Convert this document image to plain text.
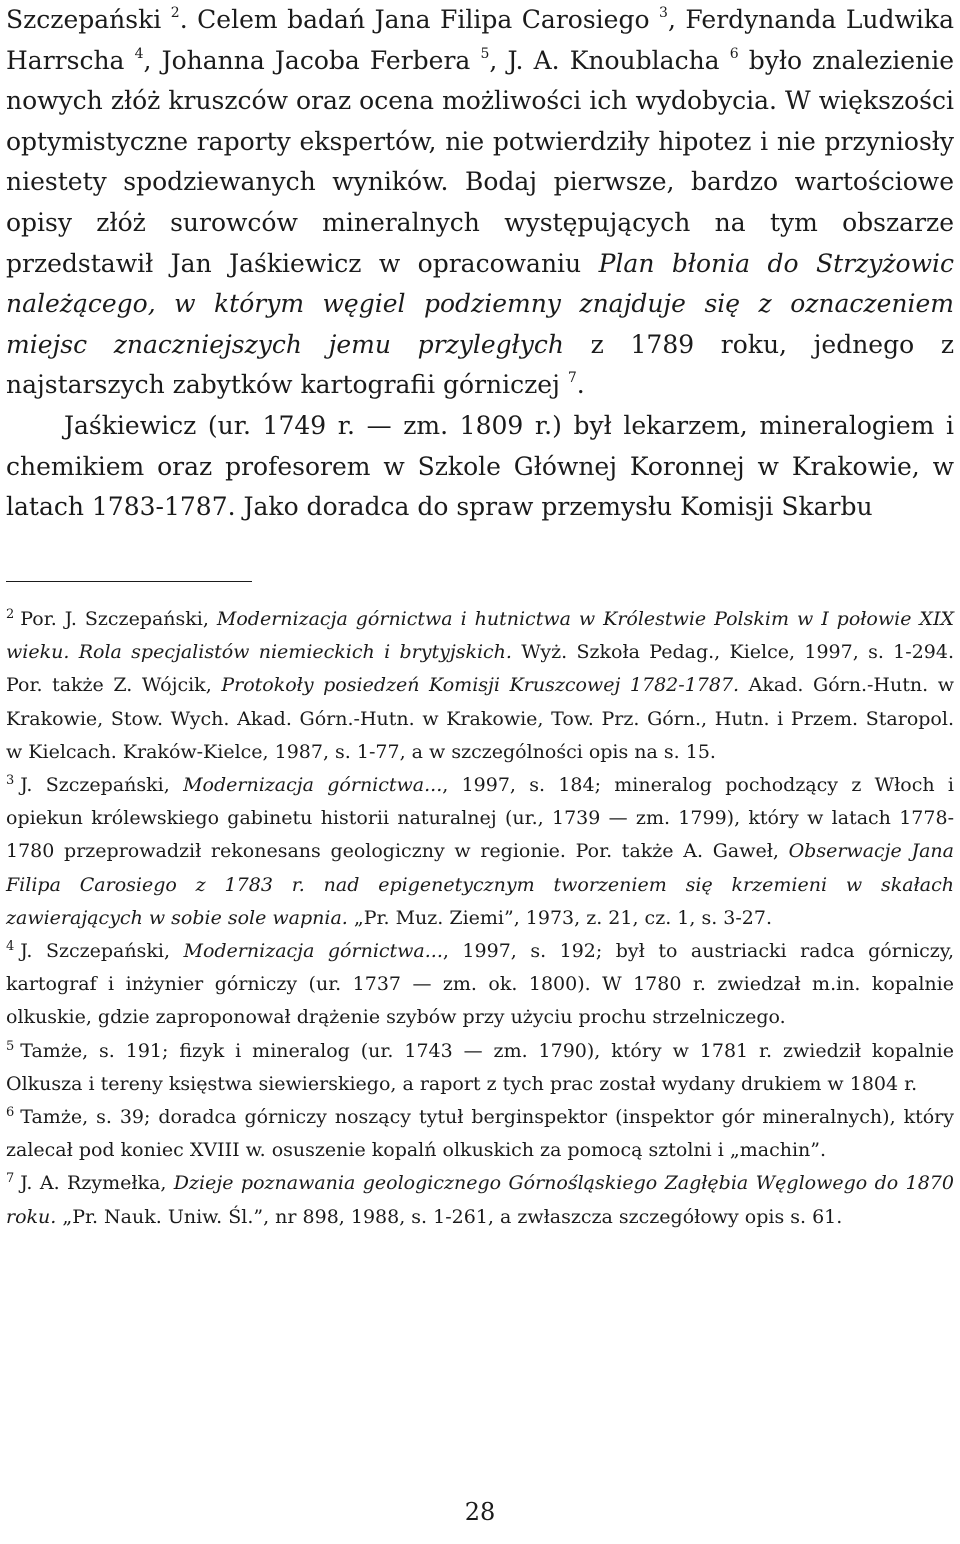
Szczepański $^2$. Celem badań Jana Filipa Carosiego $^3$, Ferdynanda Ludwika Harrscha $^4$, Johanna Jacoba Ferbera $^5$, J. A. Knoublacha $^6$ było znalezienie nowych złóż kruszców oraz ocena możliwości ich wydobycia. W większości optymistyczne raporty ekspertów, nie potwierdziły hipotez i nie przyniosły niestety spodziewanych wyników. Bodaj pierwsze, bardzo wartościowe opisy złóż surowców mineralnych występujących na tym obszarze przedstawił Jan Jaśkiewicz w opracowaniu Plan błonia do Strzyżowic należącego, w którym węgiel podziemny znajduje się z oznaczeniem miejsc znaczniejszych jemu przyległych z 1789 roku, jednego z najstarszych zabytków kartografii górniczej $^7$.

Jaśkiewicz (ur. 1749 r. — zm. 1809 r.) był lekarzem, mineralogiem i chemikiem oraz profesorem w Szkole Głównej Koronnej w Krakowie, w latach 1783-1787. Jako doradca do spraw przemysłu Komisji Skarbu

$^2$ Por. J. Szczepański, Modernizacja górnictwa i hutnictwa w Królestwie Polskim w I połowie XIX wieku. Rola specjalistów niemieckich i brytyjskich. Wyż. Szkoła Pedag., Kielce, 1997, s. 1-294. Por. także Z. Wójcik, Protokoły posiedzeń Komisji Kruszcowej 1782-1787. Akad. Górn.-Hutn. w Krakowie, Stow. Wych. Akad. Górn.-Hutn. w Krakowie, Tow. Prz. Górn., Hutn. i Przem. Staropol. w Kielcach. Kraków-Kielce, 1987, s. 1-77, a w szczególności opis na s. 15.

$^3$ J. Szczepański, Modernizacja górnictwa..., 1997, s. 184; mineralog pochodzący z Włoch i opiekun królewskiego gabinetu historii naturalnej (ur., 1739 — zm. 1799), który w latach 1778-1780 przeprowadził rekonesans geologiczny w regionie. Por. także A. Gaweł, Obserwacje Jana Filipa Carosiego z 1783 r. nad epigenetycznym tworzeniem się krzemieni w skałach zawierających w sobie sole wapnia. „Pr. Muz. Ziemi”, 1973, z. 21, cz. 1, s. 3-27.

$^4$ J. Szczepański, Modernizacja górnictwa..., 1997, s. 192; był to austriacki radca górniczy, kartograf i inżynier górniczy (ur. 1737 — zm. ok. 1800). W 1780 r. zwiedzał m.in. kopalnie olkuskie, gdzie zaproponował drążenie szybów przy użyciu prochu strzelniczego.

$^5$ Tamże, s. 191; fizyk i mineralog (ur. 1743 — zm. 1790), który w 1781 r. zwiedził kopalnie Olkusza i tereny księstwa siewierskiego, a raport z tych prac został wydany drukiem w 1804 r.

$^6$ Tamże, s. 39; doradca górniczy noszący tytuł berginspektor (inspektor gór mineralnych), który zalecał pod koniec XVIII w. osuszenie kopalń olkuskich za pomocą sztolni i „machin”.

$^7$ J. A. Rzymełka, Dzieje poznawania geologicznego Górnośląskiego Zagłębia Węglowego do 1870 roku. „Pr. Nauk. Uniw. Śl.”, nr 898, 1988, s. 1-261, a zwłaszcza szczegółowy opis s. 61.

28
